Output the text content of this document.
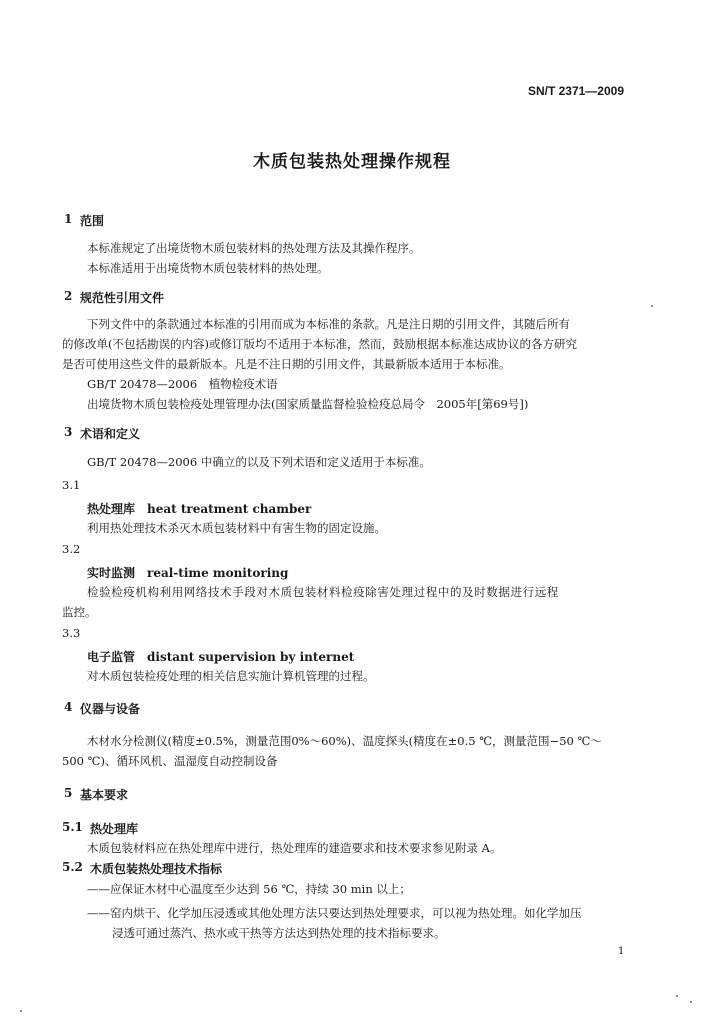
SN/T 2371—2009
木质包装热处理操作规程
1 范围
本标准规定了出境货物木质包装材料的热处理方法及其操作程序。
本标准适用于出境货物木质包装材料的热处理。
2 规范性引用文件
下列文件中的条款通过本标准的引用而成为本标准的条款。凡是注日期的引用文件，其随后所有
的修改单(不包括勘误的内容)或修订版均不适用于本标准，然而，鼓励根据本标准达成协议的各方研究
是否可使用这些文件的最新版本。凡是不注日期的引用文件，其最新版本适用于本标准。
GB/T 20478—2006　植物检疫术语
出境货物木质包装检疫处理管理办法(国家质量监督检验检疫总局令　2005年[第69号])
3 术语和定义
GB/T 20478—2006 中确立的以及下列术语和定义适用于本标准。
3.1
热处理库　heat treatment chamber
利用热处理技术杀灭木质包装材料中有害生物的固定设施。
3.2
实时监测　real-time monitoring
检验检疫机构利用网络技术手段对木质包装材料检疫除害处理过程中的及时数据进行远程
监控。
3.3
电子监管　distant supervision by internet
对木质包装检疫处理的相关信息实施计算机管理的过程。
4 仪器与设备
木材水分检测仪(精度±0.5%，测量范围0%～60%)、温度探头(精度在±0.5 ℃，测量范围−50 ℃～
500 ℃)、循环风机、温湿度自动控制设备
5 基本要求
5.1 热处理库
木质包装材料应在热处理库中进行，热处理库的建造要求和技术要求参见附录 A。
5.2 木质包装热处理技术指标
——应保证木材中心温度至少达到 56 ℃，持续 30 min 以上；
——窑内烘干、化学加压浸透或其他处理方法只要达到热处理要求，可以视为热处理。如化学加压
浸透可通过蒸汽、热水或干热等方法达到热处理的技术指标要求。
1
